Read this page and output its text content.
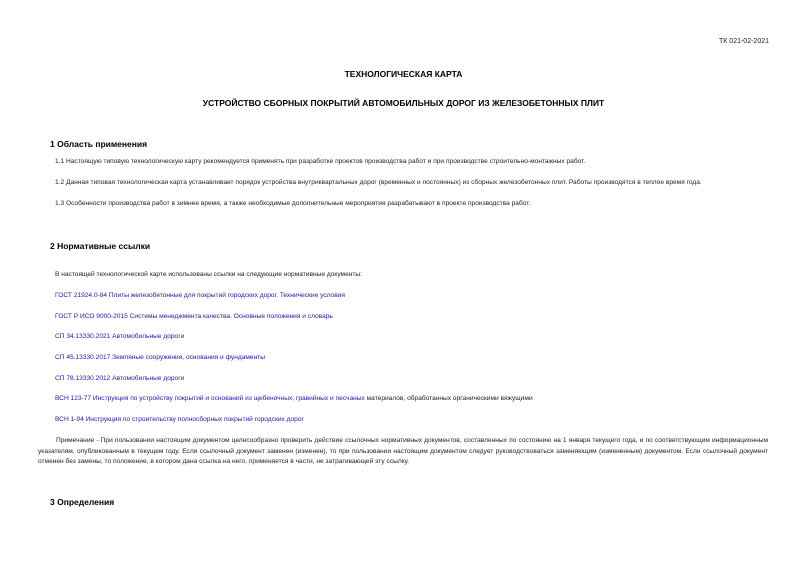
ТК 021-02-2021
ТЕХНОЛОГИЧЕСКАЯ КАРТА
УСТРОЙСТВО СБОРНЫХ ПОКРЫТИЙ АВТОМОБИЛЬНЫХ ДОРОГ ИЗ ЖЕЛЕЗОБЕТОННЫХ ПЛИТ
1 Область применения
1.1 Настоящую типовую технологическую карту рекомендуется применять при разработке проектов производства работ и при производстве строительно-монтажных работ.
1.2 Данная типовая технологическая карта устанавливает порядок устройства внутриквартальных дорог (временных и постоянных) из сборных железобетонных плит. Работы производятся в теплое время года.
1.3 Особенности производства работ в зимнее время, а также необходимые дополнительные мероприятия разрабатывают в проекте производства работ.
2 Нормативные ссылки
В настоящей технологической карте использованы ссылки на следующие нормативные документы:
ГОСТ 21924.0-84 Плиты железобетонные для покрытий городских дорог. Технические условия
ГОСТ Р ИСО 9000-2015 Системы менеджмента качества. Основные положения и словарь
СП 34.13330.2021 Автомобильные дороги
СП 45.13330.2017 Земляные сооружения, основания и фундаменты
СП 78.13330.2012 Автомобильные дороги
ВСН 123-77 Инструкция по устройству покрытий и оснований из щебеночных, гравийных и песчаных материалов, обработанных органическими вяжущими
ВСН 1-94 Инструкция по строительству полносборных покрытий городских дорог
Примечание - При пользовании настоящим документом целесообразно проверить действие ссылочных нормативных документов, составленных по состоянию на 1 января текущего года, и по соответствующим информационным указателям, опубликованным в текущем году. Если ссылочный документ заменен (изменен), то при пользовании настоящим документом следует руководствоваться заменяющим (измененным) документом. Если ссылочный документ отменен без замены, то положение, в котором дана ссылка на него, применяется в части, не затрагивающей эту ссылку.
3 Определения
